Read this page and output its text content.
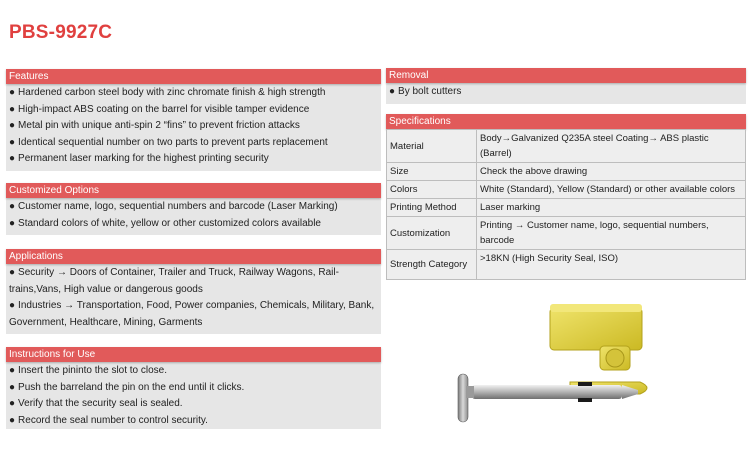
PBS-9927C
Features
● Hardened carbon steel body with zinc chromate finish & high strength
● High-impact ABS coating on the barrel for visible tamper evidence
● Metal pin with unique anti-spin 2 “fins” to prevent friction attacks
● Identical sequential number on two parts to prevent parts replacement
● Permanent laser marking for the highest printing security
Customized Options
● Customer name, logo, sequential numbers and barcode (Laser Marking)
● Standard colors of white, yellow or other customized colors available
Applications
● Security → Doors of Container, Trailer and Truck, Railway Wagons, Rail-trains,Vans, High value or dangerous goods
● Industries → Transportation, Food, Power companies, Chemicals, Military, Bank, Government, Healthcare, Mining, Garments
Instructions for Use
● Insert the pininto the slot to close.
● Push the barreland the pin on the end until it clicks.
● Verify that the security seal is sealed.
● Record the seal number to control security.
Removal
● By bolt cutters
Specifications
Material	Body→Galvanized Q235A steel Coating→ ABS plastic (Barrel)
Size	Check the above drawing
Colors	White (Standard), Yellow (Standard) or other available colors
Printing Method	Laser marking
Customization	Printing → Customer name, logo, sequential numbers, barcode
Strength Category	>18KN (High Security Seal, ISO)
